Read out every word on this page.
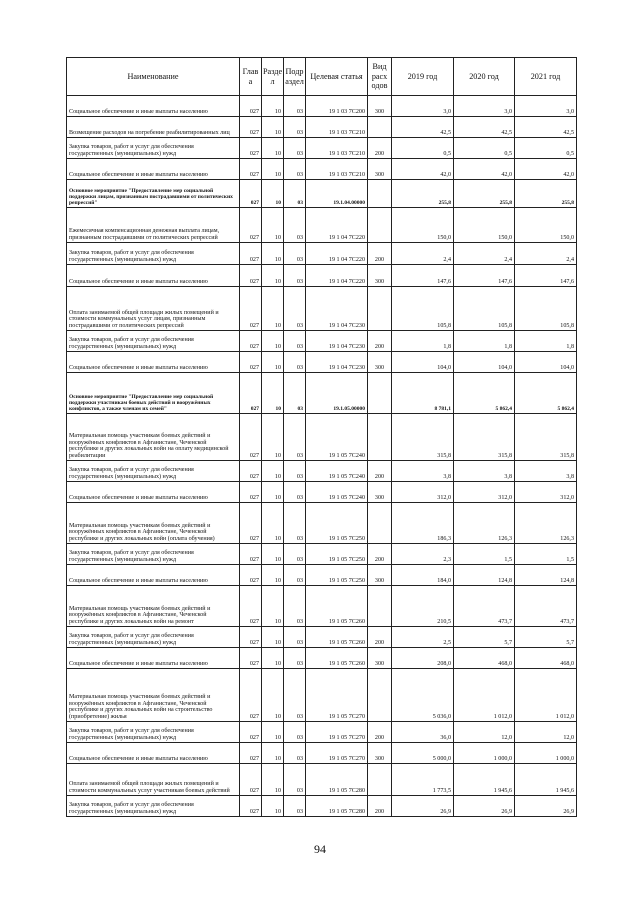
Наименование	Глав а	Разде л	Подр аздел	Целевая статья	Вид расх одов	2019 год	2020 год	2021 год
Социальное обеспечение и иные выплаты населению	027	10	03	19 1 03 7С200	300	3,0	3,0	3,0
Возмещение расходов на погребение реабилитированных лиц	027	10	03	19 1 03 7С210		42,5	42,5	42,5
Закупка товаров, работ и услуг для обеспечения государственных (муниципальных) нужд	027	10	03	19 1 03 7С210	200	0,5	0,5	0,5
Социальное обеспечение и иные выплаты населению	027	10	03	19 1 03 7С210	300	42,0	42,0	42,0
Основное мероприятие "Предоставление мер социальной поддержки лицам, признанным пострадавшими от политических репрессий"	027	10	03	19.1.04.00000		255,8	255,8	255,8
Ежемесячная компенсационная денежная выплата лицам, признанным пострадавшими от политических репрессий	027	10	03	19 1 04 7С220		150,0	150,0	150,0
Закупка товаров, работ и услуг для обеспечения государственных (муниципальных) нужд	027	10	03	19 1 04 7С220	200	2,4	2,4	2,4
Социальное обеспечение и иные выплаты населению	027	10	03	19 1 04 7С220	300	147,6	147,6	147,6
Оплата занимаемой общей площади жилых помещений и стоимости коммунальных услуг лицам, признанным пострадавшими от политических репрессий	027	10	03	19 1 04 7С230		105,8	105,8	105,8
Закупка товаров, работ и услуг для обеспечения государственных (муниципальных) нужд	027	10	03	19 1 04 7С230	200	1,8	1,8	1,8
Социальное обеспечение и иные выплаты населению	027	10	03	19 1 04 7С230	300	104,0	104,0	104,0
Основное мероприятие "Предоставление мер социальной поддержки участникам боевых действий и вооружённых конфликтов, а также членам их семей"	027	10	03	19.1.05.00000		8 781,1	5 862,4	5 862,4
Материальная помощь участникам боевых действий и вооружённых конфликтов в Афганистане, Чеченской республике и других локальных войн на оплату медицинской реабилитации	027	10	03	19 1 05 7С240		315,8	315,8	315,8
Закупка товаров, работ и услуг для обеспечения государственных (муниципальных) нужд	027	10	03	19 1 05 7С240	200	3,8	3,8	3,8
Социальное обеспечение и иные выплаты населению	027	10	03	19 1 05 7С240	300	312,0	312,0	312,0
Материальная помощь участникам боевых действий и вооружённых конфликтов в Афганистане, Чеченской республике и других локальных войн (оплата обучения)	027	10	03	19 1 05 7С250		186,3	126,3	126,3
Закупка товаров, работ и услуг для обеспечения государственных (муниципальных) нужд	027	10	03	19 1 05 7С250	200	2,3	1,5	1,5
Социальное обеспечение и иные выплаты населению	027	10	03	19 1 05 7С250	300	184,0	124,8	124,8
Материальная помощь участникам боевых действий и вооружённых конфликтов в Афганистане, Чеченской республике и других локальных войн на ремонт	027	10	03	19 1 05 7С260		210,5	473,7	473,7
Закупка товаров, работ и услуг для обеспечения государственных (муниципальных) нужд	027	10	03	19 1 05 7С260	200	2,5	5,7	5,7
Социальное обеспечение и иные выплаты населению	027	10	03	19 1 05 7С260	300	208,0	468,0	468,0
Материальная помощь участникам боевых действий и вооружённых конфликтов в Афганистане, Чеченской республике и других локальных войн на строительство (приобретение) жилья	027	10	03	19 1 05 7С270		5 036,0	1 012,0	1 012,0
Закупка товаров, работ и услуг для обеспечения государственных (муниципальных) нужд	027	10	03	19 1 05 7С270	200	36,0	12,0	12,0
Социальное обеспечение и иные выплаты населению	027	10	03	19 1 05 7С270	300	5 000,0	1 000,0	1 000,0
Оплата занимаемой общей площади жилых помещений и стоимости коммунальных услуг участникам боевых действий	027	10	03	19 1 05 7С280		1 773,5	1 945,6	1 945,6
Закупка товаров, работ и услуг для обеспечения государственных (муниципальных) нужд	027	10	03	19 1 05 7С280	200	26,9	26,9	26,9
94
